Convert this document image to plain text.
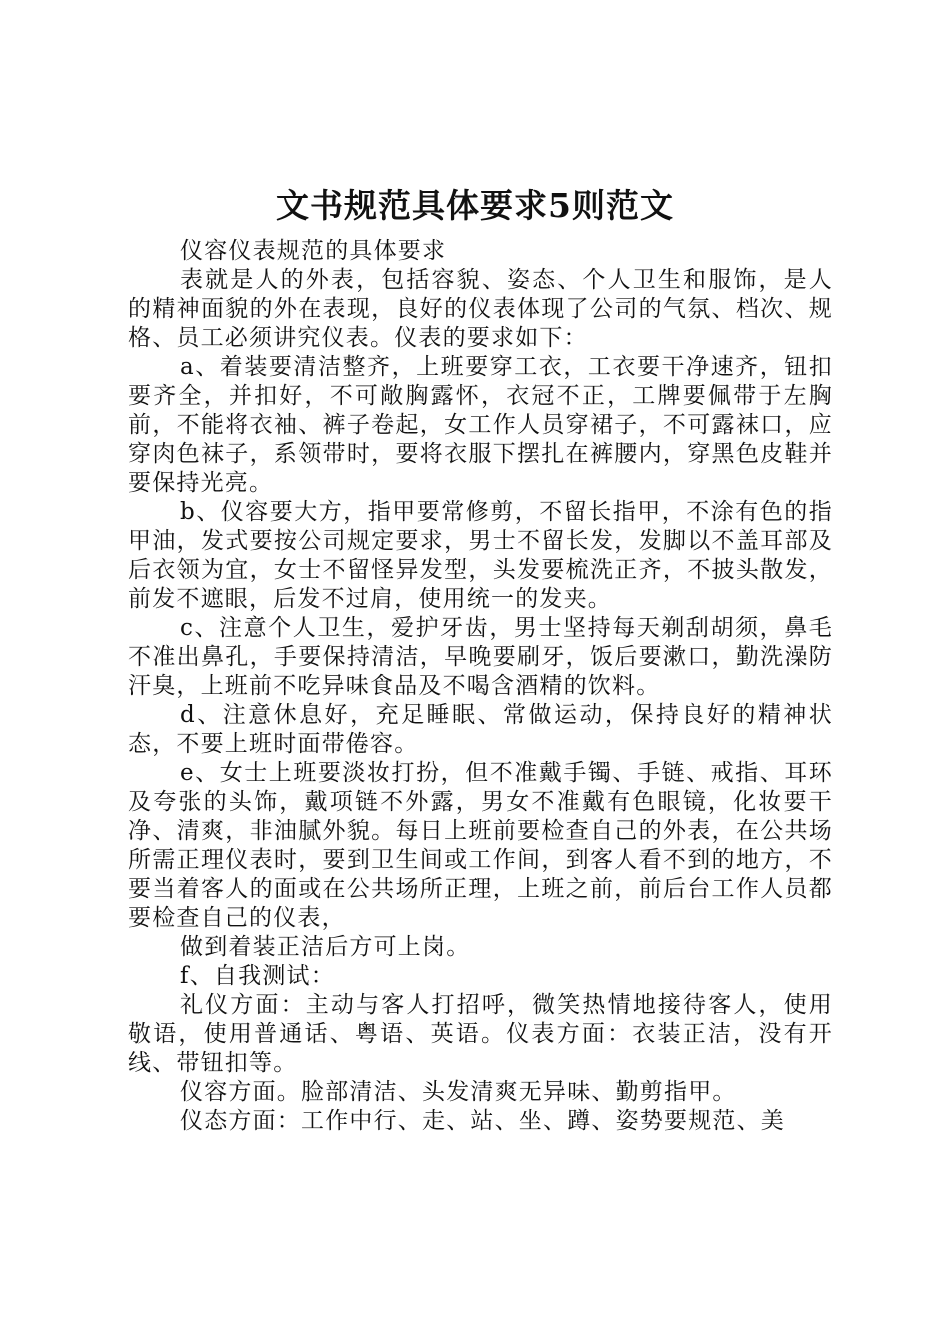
文书规范具体要求5则范文

仪容仪表规范的具体要求

表就是人的外表，包括容貌、姿态、个人卫生和服饰，是人的精神面貌的外在表现，良好的仪表体现了公司的气氛、档次、规格、员工必须讲究仪表。仪表的要求如下：

a、着装要清洁整齐，上班要穿工衣，工衣要干净速齐，钮扣要齐全，并扣好，不可敞胸露怀，衣冠不正，工牌要佩带于左胸前，不能将衣袖、裤子卷起，女工作人员穿裙子，不可露袜口，应穿肉色袜子，系领带时，要将衣服下摆扎在裤腰内，穿黑色皮鞋并要保持光亮。

b、仪容要大方，指甲要常修剪，不留长指甲，不涂有色的指甲油，发式要按公司规定要求，男士不留长发，发脚以不盖耳部及后衣领为宜，女士不留怪异发型，头发要梳洗正齐，不披头散发，前发不遮眼，后发不过肩，使用统一的发夹。

c、注意个人卫生，爱护牙齿，男士坚持每天剃刮胡须，鼻毛不准出鼻孔，手要保持清洁，早晚要刷牙，饭后要漱口，勤洗澡防汗臭，上班前不吃异味食品及不喝含酒精的饮料。

d、注意休息好，充足睡眠、常做运动，保持良好的精神状态，不要上班时面带倦容。

e、女士上班要淡妆打扮，但不准戴手镯、手链、戒指、耳环及夸张的头饰，戴项链不外露，男女不准戴有色眼镜，化妆要干净、清爽，非油腻外貌。每日上班前要检查自己的外表，在公共场所需正理仪表时，要到卫生间或工作间，到客人看不到的地方，不要当着客人的面或在公共场所正理，上班之前，前后台工作人员都要检查自己的仪表，

做到着装正洁后方可上岗。

f、自我测试：

礼仪方面：主动与客人打招呼，微笑热情地接待客人，使用敬语，使用普通话、粤语、英语。仪表方面：衣装正洁，没有开线、带钮扣等。

仪容方面。脸部清洁、头发清爽无异味、勤剪指甲。

仪态方面：工作中行、走、站、坐、蹲、姿势要规范、美
